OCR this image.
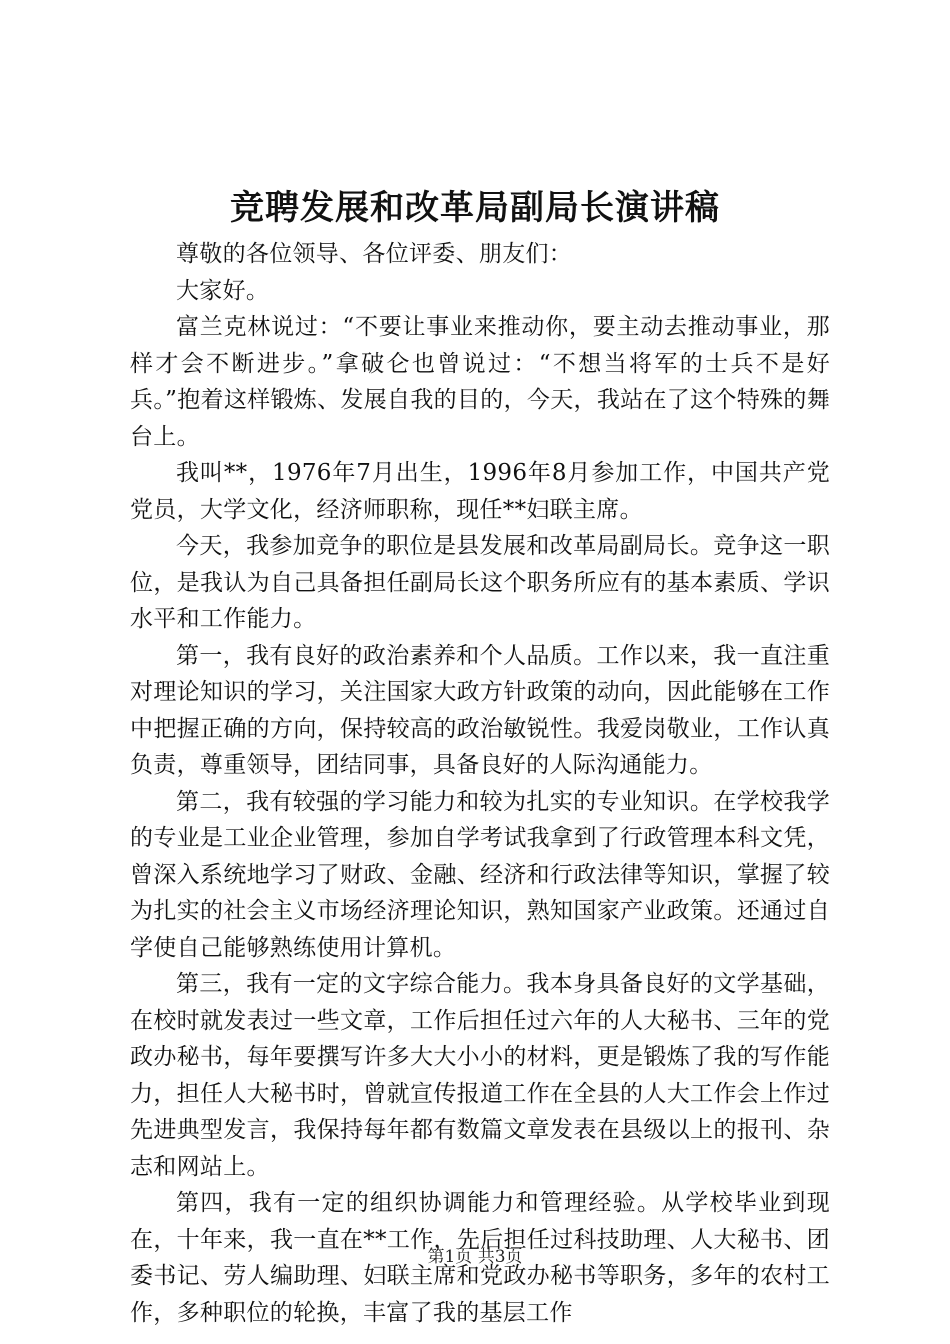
竞聘发展和改革局副局长演讲稿

尊敬的各位领导、各位评委、朋友们：

大家好。

富兰克林说过：“不要让事业来推动你，要主动去推动事业，那样才会不断进步。”拿破仑也曾说过：“不想当将军的士兵不是好兵。”抱着这样锻炼、发展自我的目的，今天，我站在了这个特殊的舞台上。

我叫**，1976年7月出生，1996年8月参加工作，中国共产党党员，大学文化，经济师职称，现任**妇联主席。

今天，我参加竞争的职位是县发展和改革局副局长。竞争这一职位，是我认为自己具备担任副局长这个职务所应有的基本素质、学识水平和工作能力。

第一，我有良好的政治素养和个人品质。工作以来，我一直注重对理论知识的学习，关注国家大政方针政策的动向，因此能够在工作中把握正确的方向，保持较高的政治敏锐性。我爱岗敬业，工作认真负责，尊重领导，团结同事，具备良好的人际沟通能力。

第二，我有较强的学习能力和较为扎实的专业知识。在学校我学的专业是工业企业管理，参加自学考试我拿到了行政管理本科文凭，曾深入系统地学习了财政、金融、经济和行政法律等知识，掌握了较为扎实的社会主义市场经济理论知识，熟知国家产业政策。还通过自学使自己能够熟练使用计算机。

第三，我有一定的文字综合能力。我本身具备良好的文学基础，在校时就发表过一些文章，工作后担任过六年的人大秘书、三年的党政办秘书，每年要撰写许多大大小小的材料，更是锻炼了我的写作能力，担任人大秘书时，曾就宣传报道工作在全县的人大工作会上作过先进典型发言，我保持每年都有数篇文章发表在县级以上的报刊、杂志和网站上。

第四，我有一定的组织协调能力和管理经验。从学校毕业到现在，十年来，我一直在**工作，先后担任过科技助理、人大秘书、团委书记、劳人编助理、妇联主席和党政办秘书等职务，多年的农村工作，多种职位的轮换，丰富了我的基层工作

第1页 共3页
